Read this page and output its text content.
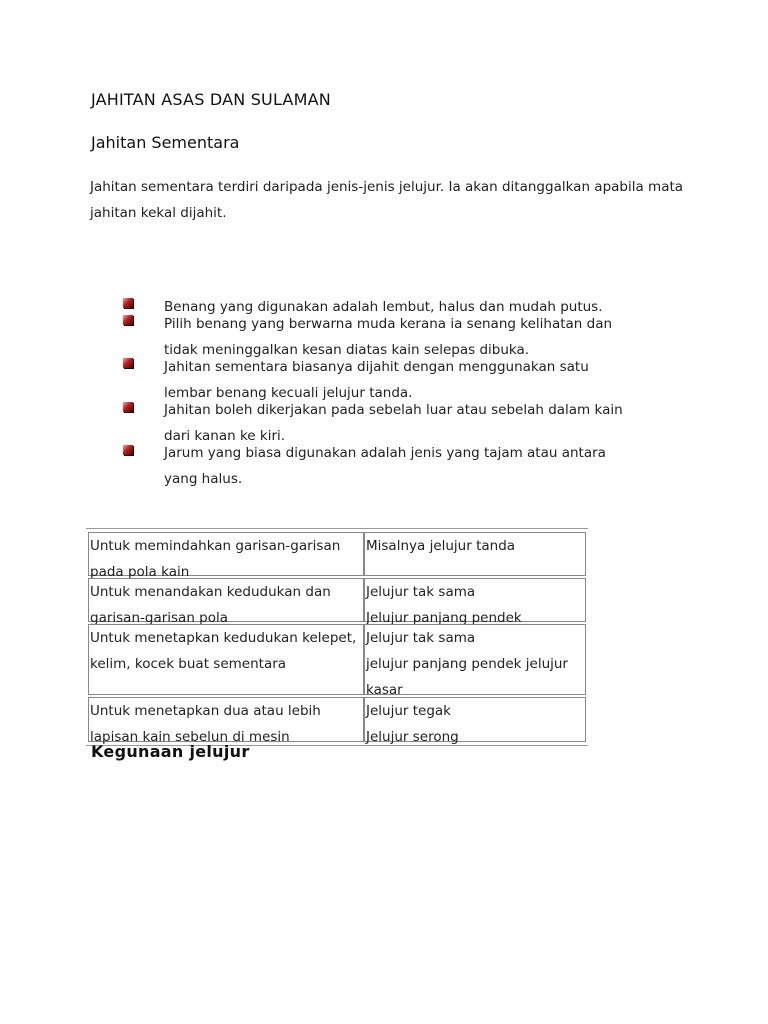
JAHITAN ASAS DAN SULAMAN
Jahitan Sementara
Jahitan sementara terdiri daripada jenis-jenis jelujur. Ia akan ditanggalkan apabila mata jahitan kekal dijahit.
Benang yang digunakan adalah lembut, halus dan mudah putus.
Pilih benang yang berwarna muda kerana ia senang kelihatan dan tidak meninggalkan kesan diatas kain selepas dibuka.
Jahitan sementara biasanya dijahit dengan menggunakan satu lembar benang kecuali jelujur tanda.
Jahitan boleh dikerjakan pada sebelah luar atau sebelah dalam kain dari kanan ke kiri.
Jarum yang biasa digunakan adalah jenis yang tajam atau antara yang halus.
Untuk memindahkan garisan-garisan
pada pola kain
Misalnya jelujur tanda
Untuk menandakan kedudukan dan
garisan-garisan pola
Jelujur tak sama
Jelujur panjang pendek
Untuk menetapkan kedudukan kelepet,
kelim, kocek buat sementara
Jelujur tak sama
jelujur panjang pendek jelujur
kasar
Untuk menetapkan dua atau lebih
lapisan kain sebelun di mesin
Jelujur tegak
Jelujur serong
Kegunaan jelujur
